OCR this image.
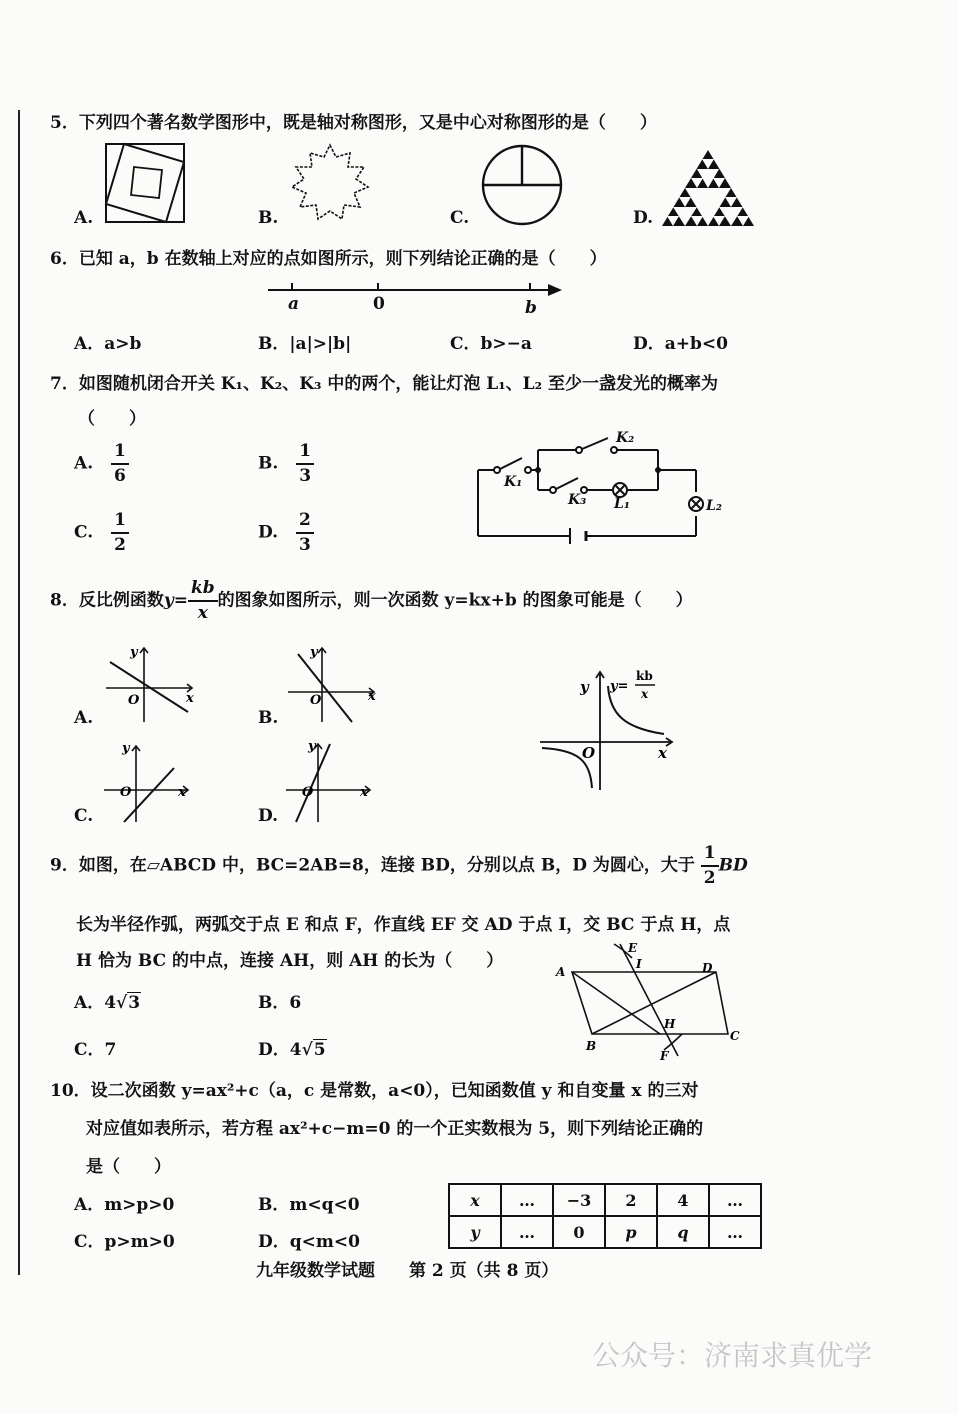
5．下列四个著名数学图形中，既是轴对称图形，又是中心对称图形的是（　　）
A.	B.	C.	D.
6．已知 a，b 在数轴上对应的点如图所示，则下列结论正确的是（　　）
a	0	b
A．a>b	B．|a|>|b|	C．b>−a	D．a+b<0
7．如图随机闭合开关 K₁、K₂、K₃ 中的两个，能让灯泡 L₁、L₂ 至少一盏发光的概率为
（　　）
A. $\frac{1}{6}$	B. $\frac{1}{3}$
C. $\frac{1}{2}$	D. $\frac{2}{3}$
K₁
K₂
K₃ L₁	L₂
8．反比例函数$y= \frac{kb}{x}$ 的图象如图所示，则一次函数 y=kx+b 的图象可能是（　　）
A.
y
x
O
B.
y
x
O
C.
y
x
O
D.
y
x
O
y
x
O
y=
kb
x
9．如图，在▱ABCD 中，BC=2AB=8，连接 BD，分别以点 B，D 为圆心，大于 $\frac{1}{2}$ BD
长为半径作弧，两弧交于点 E 和点 F，作直线 EF 交 AD 于点 I，交 BC 于点 H，点
H 恰为 BC 的中点，连接 AH，则 AH 的长为（　　）
A．4√3	B．6
C．7	D．4√5
A	D
B
C
E
I
H
F
10．设二次函数 y=ax²+c（a，c 是常数，a<0），已知函数值 y 和自变量 x 的三对
对应值如表所示，若方程 ax²+c−m=0 的一个正实数根为 5，则下列结论正确的
是（　　）
A．m>p>0	B．m<q<0
C．p>m>0	D．q<m<0
x	…	−3	2	4	…
y	…	0	p	q	…
九年级数学试题　　第 2 页（共 8 页）
公众号：济南求真优学
